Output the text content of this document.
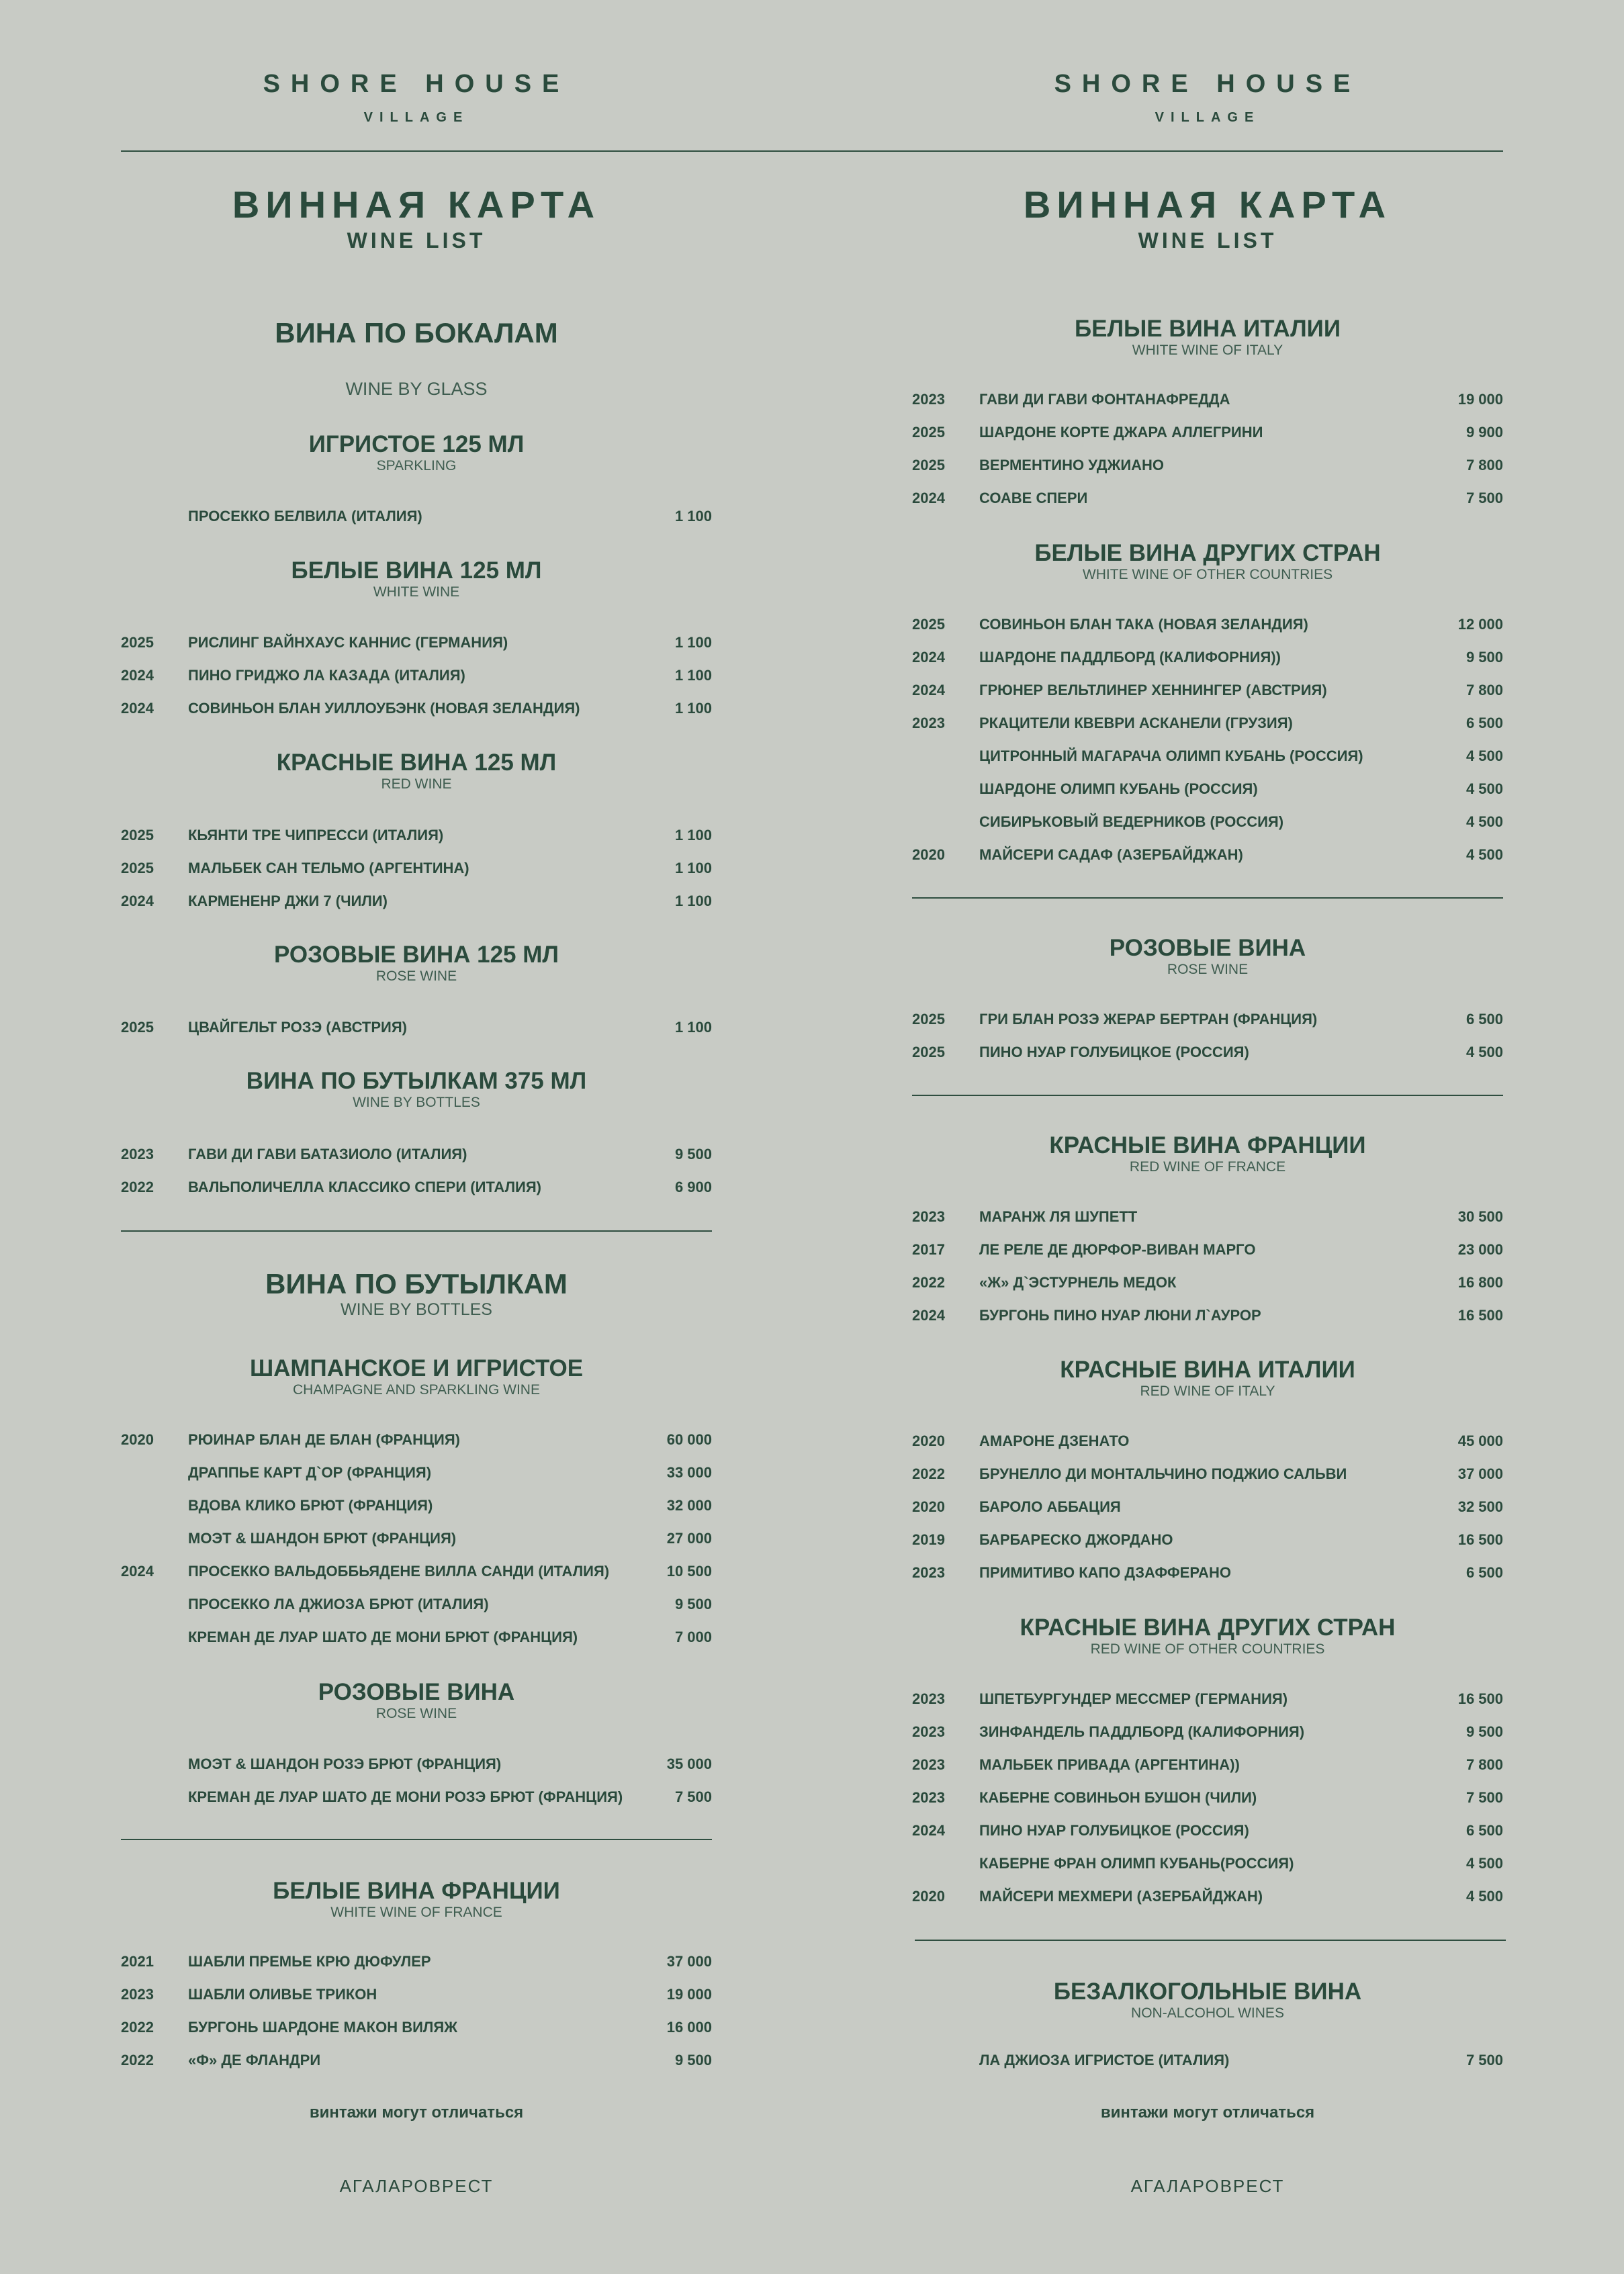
SHORE HOUSE
VILLAGE
ВИННАЯ КАРТА
WINE LIST
ВИНА ПО БОКАЛАМ
WINE BY GLASS
ИГРИСТОЕ 125 МЛ
SPARKLING
ПРОСЕККО БЕЛВИЛА (ИТАЛИЯ)	1 100
БЕЛЫЕ ВИНА 125 МЛ
WHITE WINE
2025 РИСЛИНГ ВАЙНХАУС КАННИС (ГЕРМАНИЯ)	1 100
2024 ПИНО ГРИДЖО ЛА КАЗАДА (ИТАЛИЯ)	1 100
2024 СОВИНЬОН БЛАН УИЛЛОУБЭНК (НОВАЯ ЗЕЛАНДИЯ)	1 100
КРАСНЫЕ ВИНА 125 МЛ
RED WINE
2025 КЬЯНТИ ТРЕ ЧИПРЕССИ (ИТАЛИЯ)	1 100
2025 МАЛЬБЕК САН ТЕЛЬМО (АРГЕНТИНА)	1 100
2024 КАРМЕНЕНР ДЖИ 7 (ЧИЛИ)	1 100
РОЗОВЫЕ ВИНА 125 МЛ
ROSE WINE
2025 ЦВАЙГЕЛЬТ РОЗЭ (АВСТРИЯ)	1 100
ВИНА ПО БУТЫЛКАМ 375 МЛ
WINE BY BOTTLES
2023 ГАВИ ДИ ГАВИ БАТАЗИОЛО (ИТАЛИЯ)	9 500
2022 ВАЛЬПОЛИЧЕЛЛА КЛАССИКО СПЕРИ (ИТАЛИЯ)	6 900
ВИНА ПО БУТЫЛКАМ
WINE BY BOTTLES
ШАМПАНСКОЕ И ИГРИСТОЕ
CHAMPAGNE AND SPARKLING WINE
2020 РЮИНАР БЛАН ДЕ БЛАН (ФРАНЦИЯ)	60 000
ДРАППЬЕ КАРТ Д`ОР (ФРАНЦИЯ)	33 000
ВДОВА КЛИКО БРЮТ (ФРАНЦИЯ)	32 000
МОЭТ & ШАНДОН БРЮТ (ФРАНЦИЯ)	27 000
2024 ПРОСЕККО ВАЛЬДОББЬЯДЕНЕ ВИЛЛА САНДИ (ИТАЛИЯ)	10 500
ПРОСЕККО ЛА ДЖИОЗА БРЮТ (ИТАЛИЯ)	9 500
КРЕМАН ДЕ ЛУАР ШАТО ДЕ МОНИ БРЮТ (ФРАНЦИЯ)	7 000
РОЗОВЫЕ ВИНА
ROSE WINE
МОЭТ & ШАНДОН РОЗЭ БРЮТ (ФРАНЦИЯ)	35 000
КРЕМАН ДЕ ЛУАР ШАТО ДЕ МОНИ РОЗЭ БРЮТ (ФРАНЦИЯ)	7 500
БЕЛЫЕ ВИНА ФРАНЦИИ
WHITE WINE OF FRANCE
2021 ШАБЛИ ПРЕМЬЕ КРЮ ДЮФУЛЕР	37 000
2023 ШАБЛИ ОЛИВЬЕ ТРИКОН	19 000
2022 БУРГОНЬ ШАРДОНЕ МАКОН ВИЛЯЖ	16 000
2022 «Ф» ДЕ ФЛАНДРИ	9 500
винтажи могут отличаться
АГАЛАРОВРЕСТ
SHORE HOUSE
VILLAGE
ВИННАЯ КАРТА
WINE LIST
БЕЛЫЕ ВИНА ИТАЛИИ
WHITE WINE OF ITALY
2023 ГАВИ ДИ ГАВИ ФОНТАНАФРЕДДА	19 000
2025 ШАРДОНЕ КОРТЕ ДЖАРА АЛЛЕГРИНИ	9 900
2025 ВЕРМЕНТИНО УДЖИАНО	7 800
2024 СОАВЕ СПЕРИ	7 500
БЕЛЫЕ ВИНА ДРУГИХ СТРАН
WHITE WINE OF OTHER COUNTRIES
2025 СОВИНЬОН БЛАН ТАКА (НОВАЯ ЗЕЛАНДИЯ)	12 000
2024 ШАРДОНЕ ПАДДЛБОРД (КАЛИФОРНИЯ))	9 500
2024 ГРЮНЕР ВЕЛЬТЛИНЕР ХЕННИНГЕР (АВСТРИЯ)	7 800
2023 РКАЦИТЕЛИ КВЕВРИ АСКАНЕЛИ (ГРУЗИЯ)	6 500
ЦИТРОННЫЙ МАГАРАЧА ОЛИМП КУБАНЬ (РОССИЯ)	4 500
ШАРДОНЕ ОЛИМП КУБАНЬ (РОССИЯ)	4 500
СИБИРЬКОВЫЙ ВЕДЕРНИКОВ (РОССИЯ)	4 500
2020 МАЙСЕРИ САДАФ (АЗЕРБАЙДЖАН)	4 500
РОЗОВЫЕ ВИНА
ROSE WINE
2025 ГРИ БЛАН РОЗЭ ЖЕРАР БЕРТРАН (ФРАНЦИЯ)	6 500
2025 ПИНО НУАР ГОЛУБИЦКОЕ (РОССИЯ)	4 500
КРАСНЫЕ ВИНА ФРАНЦИИ
RED WINE OF FRANCE
2023 МАРАНЖ ЛЯ ШУПЕТТ	30 500
2017 ЛЕ РЕЛЕ ДЕ ДЮРФОР-ВИВАН МАРГО	23 000
2022 «Ж» Д`ЭСТУРНЕЛЬ МЕДОК	16 800
2024 БУРГОНЬ ПИНО НУАР ЛЮНИ Л`АУРОР	16 500
КРАСНЫЕ ВИНА ИТАЛИИ
RED WINE OF ITALY
2020 АМАРОНЕ ДЗЕНАТО	45 000
2022 БРУНЕЛЛО ДИ МОНТАЛЬЧИНО ПОДЖИО САЛЬВИ	37 000
2020 БАРОЛО АББАЦИЯ	32 500
2019 БАРБАРЕСКО ДЖОРДАНО	16 500
2023 ПРИМИТИВО КАПО ДЗАФФЕРАНО	6 500
КРАСНЫЕ ВИНА ДРУГИХ СТРАН
RED WINE OF OTHER COUNTRIES
2023 ШПЕТБУРГУНДЕР МЕССМЕР (ГЕРМАНИЯ)	16 500
2023 ЗИНФАНДЕЛЬ ПАДДЛБОРД (КАЛИФОРНИЯ)	9 500
2023 МАЛЬБЕК ПРИВАДА (АРГЕНТИНА))	7 800
2023 КАБЕРНЕ СОВИНЬОН БУШОН (ЧИЛИ)	7 500
2024 ПИНО НУАР ГОЛУБИЦКОЕ (РОССИЯ)	6 500
КАБЕРНЕ ФРАН ОЛИМП КУБАНЬ(РОССИЯ)	4 500
2020 МАЙСЕРИ МЕХМЕРИ (АЗЕРБАЙДЖАН)	4 500
БЕЗАЛКОГОЛЬНЫЕ ВИНА
NON-ALCOHOL WINES
ЛА ДЖИОЗА ИГРИСТОЕ (ИТАЛИЯ)	7 500
винтажи могут отличаться
АГАЛАРОВРЕСТ
